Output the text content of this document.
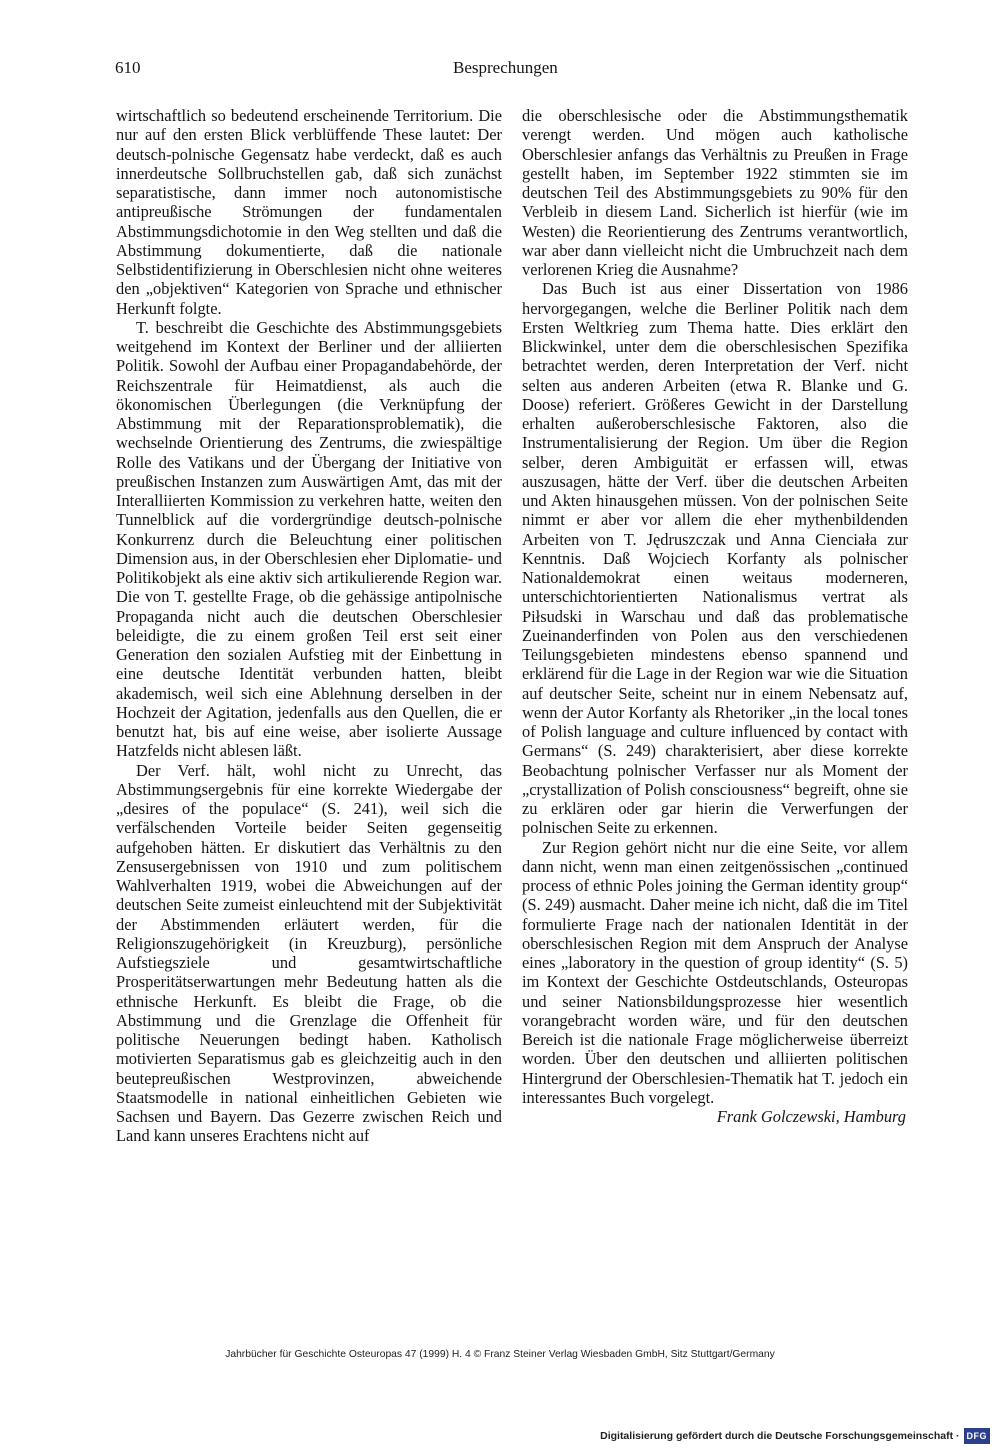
610	Besprechungen

wirtschaftlich so bedeutend erscheinende Territorium. Die nur auf den ersten Blick verblüffende These lautet: Der deutsch-polnische Gegensatz habe verdeckt, daß es auch innerdeutsche Sollbruchstellen gab, daß sich zunächst separatistische, dann immer noch autonomistische antipreußische Strömungen der fundamentalen Abstimmungsdichotomie in den Weg stellten und daß die Abstimmung dokumentierte, daß die nationale Selbstidentifizierung in Oberschlesien nicht ohne weiteres den „objektiven“ Kategorien von Sprache und ethnischer Herkunft folgte.

T. beschreibt die Geschichte des Abstimmungsgebiets weitgehend im Kontext der Berliner und der alliierten Politik. Sowohl der Aufbau einer Propagandabehörde, der Reichszentrale für Heimatdienst, als auch die ökonomischen Überlegungen (die Verknüpfung der Abstimmung mit der Reparationsproblematik), die wechselnde Orientierung des Zentrums, die zwiespältige Rolle des Vatikans und der Übergang der Initiative von preußischen Instanzen zum Auswärtigen Amt, das mit der Interalliierten Kommission zu verkehren hatte, weiten den Tunnelblick auf die vordergründige deutsch-polnische Konkurrenz durch die Beleuchtung einer politischen Dimension aus, in der Oberschlesien eher Diplomatie- und Politikobjekt als eine aktiv sich artikulierende Region war. Die von T. gestellte Frage, ob die gehässige antipolnische Propaganda nicht auch die deutschen Oberschlesier beleidigte, die zu einem großen Teil erst seit einer Generation den sozialen Aufstieg mit der Einbettung in eine deutsche Identität verbunden hatten, bleibt akademisch, weil sich eine Ablehnung derselben in der Hochzeit der Agitation, jedenfalls aus den Quellen, die er benutzt hat, bis auf eine weise, aber isolierte Aussage Hatzfelds nicht ablesen läßt.

Der Verf. hält, wohl nicht zu Unrecht, das Abstimmungsergebnis für eine korrekte Wiedergabe der „desires of the populace“ (S. 241), weil sich die verfälschenden Vorteile beider Seiten gegenseitig aufgehoben hätten. Er diskutiert das Verhältnis zu den Zensusergebnissen von 1910 und zum politischem Wahlverhalten 1919, wobei die Abweichungen auf der deutschen Seite zumeist einleuchtend mit der Subjektivität der Abstimmenden erläutert werden, für die Religionszugehörigkeit (in Kreuzburg), persönliche Aufstiegsziele und gesamtwirtschaftliche Prosperitätserwartungen mehr Bedeutung hatten als die ethnische Herkunft. Es bleibt die Frage, ob die Abstimmung und die Grenzlage die Offenheit für politische Neuerungen bedingt haben. Katholisch motivierten Separatismus gab es gleichzeitig auch in den beutepreußischen Westprovinzen, abweichende Staatsmodelle in national einheitlichen Gebieten wie Sachsen und Bayern. Das Gezerre zwischen Reich und Land kann unseres Erachtens nicht auf

die oberschlesische oder die Abstimmungsthematik verengt werden. Und mögen auch katholische Oberschlesier anfangs das Verhältnis zu Preußen in Frage gestellt haben, im September 1922 stimmten sie im deutschen Teil des Abstimmungsgebiets zu 90% für den Verbleib in diesem Land. Sicherlich ist hierfür (wie im Westen) die Reorientierung des Zentrums verantwortlich, war aber dann vielleicht nicht die Umbruchzeit nach dem verlorenen Krieg die Ausnahme?

Das Buch ist aus einer Dissertation von 1986 hervorgegangen, welche die Berliner Politik nach dem Ersten Weltkrieg zum Thema hatte. Dies erklärt den Blickwinkel, unter dem die oberschlesischen Spezifika betrachtet werden, deren Interpretation der Verf. nicht selten aus anderen Arbeiten (etwa R. Blanke und G. Doose) referiert. Größeres Gewicht in der Darstellung erhalten außeroberschlesische Faktoren, also die Instrumentalisierung der Region. Um über die Region selber, deren Ambiguität er erfassen will, etwas auszusagen, hätte der Verf. über die deutschen Arbeiten und Akten hinausgehen müssen. Von der polnischen Seite nimmt er aber vor allem die eher mythenbildenden Arbeiten von T. Jędruszczak und Anna Cienciała zur Kenntnis. Daß Wojciech Korfanty als polnischer Nationaldemokrat einen weitaus moderneren, unterschichtorientierten Nationalismus vertrat als Piłsudski in Warschau und daß das problematische Zueinanderfinden von Polen aus den verschiedenen Teilungsgebieten mindestens ebenso spannend und erklärend für die Lage in der Region war wie die Situation auf deutscher Seite, scheint nur in einem Nebensatz auf, wenn der Autor Korfanty als Rhetoriker „in the local tones of Polish language and culture influenced by contact with Germans“ (S. 249) charakterisiert, aber diese korrekte Beobachtung polnischer Verfasser nur als Moment der „crystallization of Polish consciousness“ begreift, ohne sie zu erklären oder gar hierin die Verwerfungen der polnischen Seite zu erkennen.

Zur Region gehört nicht nur die eine Seite, vor allem dann nicht, wenn man einen zeitgenössischen „continued process of ethnic Poles joining the German identity group“ (S. 249) ausmacht. Daher meine ich nicht, daß die im Titel formulierte Frage nach der nationalen Identität in der oberschlesischen Region mit dem Anspruch der Analyse eines „laboratory in the question of group identity“ (S. 5) im Kontext der Geschichte Ostdeutschlands, Osteuropas und seiner Nationsbildungsprozesse hier wesentlich vorangebracht worden wäre, und für den deutschen Bereich ist die nationale Frage möglicherweise überreizt worden. Über den deutschen und alliierten politischen Hintergrund der Oberschlesien-Thematik hat T. jedoch ein interessantes Buch vorgelegt.

Frank Golczewski, Hamburg

Jahrbücher für Geschichte Osteuropas 47 (1999) H. 4 © Franz Steiner Verlag Wiesbaden GmbH, Sitz Stuttgart/Germany
Digitalisierung gefördert durch die Deutsche Forschungsgemeinschaft · DFG
